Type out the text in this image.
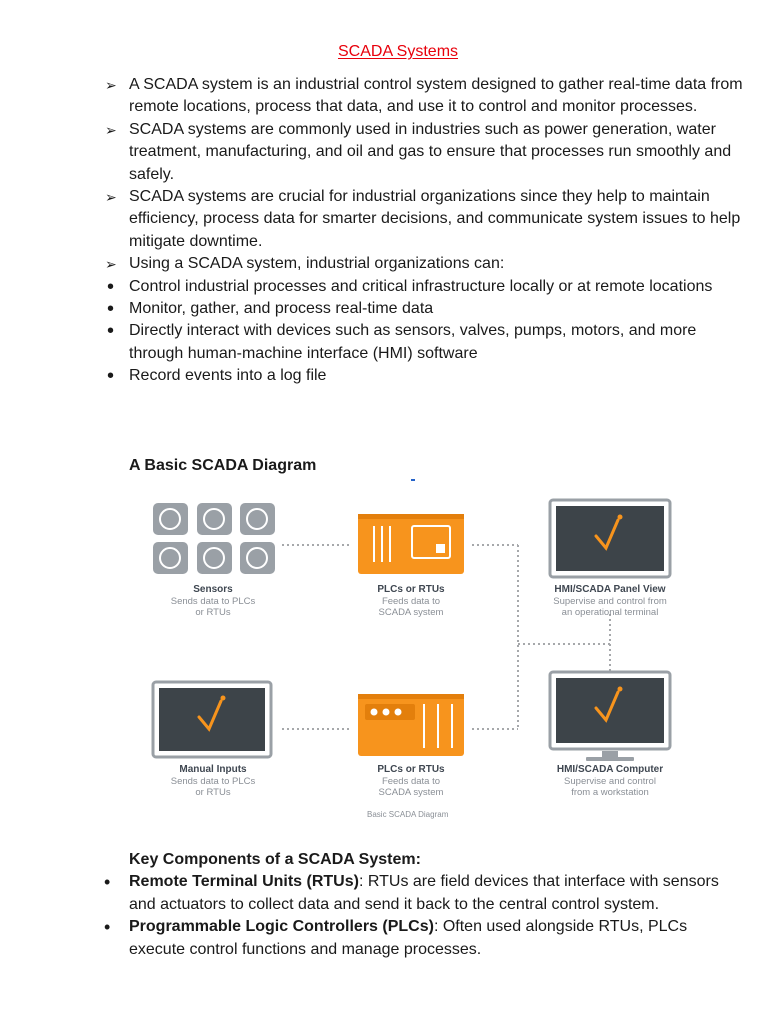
SCADA Systems
➢ A SCADA system is an industrial control system designed to gather real-time data from remote locations, process that data, and use it to control and monitor processes.
➢ SCADA systems are commonly used in industries such as power generation, water treatment, manufacturing, and oil and gas to ensure that processes run smoothly and safely.
➢ SCADA systems are crucial for industrial organizations since they help to maintain efficiency, process data for smarter decisions, and communicate system issues to help mitigate downtime.
➢ Using a SCADA system, industrial organizations can:
• Control industrial processes and critical infrastructure locally or at remote locations
• Monitor, gather, and process real-time data
• Directly interact with devices such as sensors, valves, pumps, motors, and more through human-machine interface (HMI) software
• Record events into a log file
A Basic SCADA Diagram
Sensors
Sends data to PLCs
or RTUs
PLCs or RTUs
Feeds data to
SCADA system
HMI/SCADA Panel View
Supervise and control from
an operational terminal
Manual Inputs
Sends data to PLCs
or RTUs
PLCs or RTUs
Feeds data to
SCADA system
HMI/SCADA Computer
Supervise and control
from a workstation
Basic SCADA Diagram
Key Components of a SCADA System:
•	Remote Terminal Units (RTUs): RTUs are field devices that interface with sensors and actuators to collect data and send it back to the central control system.
•	Programmable Logic Controllers (PLCs): Often used alongside RTUs, PLCs execute control functions and manage processes.
